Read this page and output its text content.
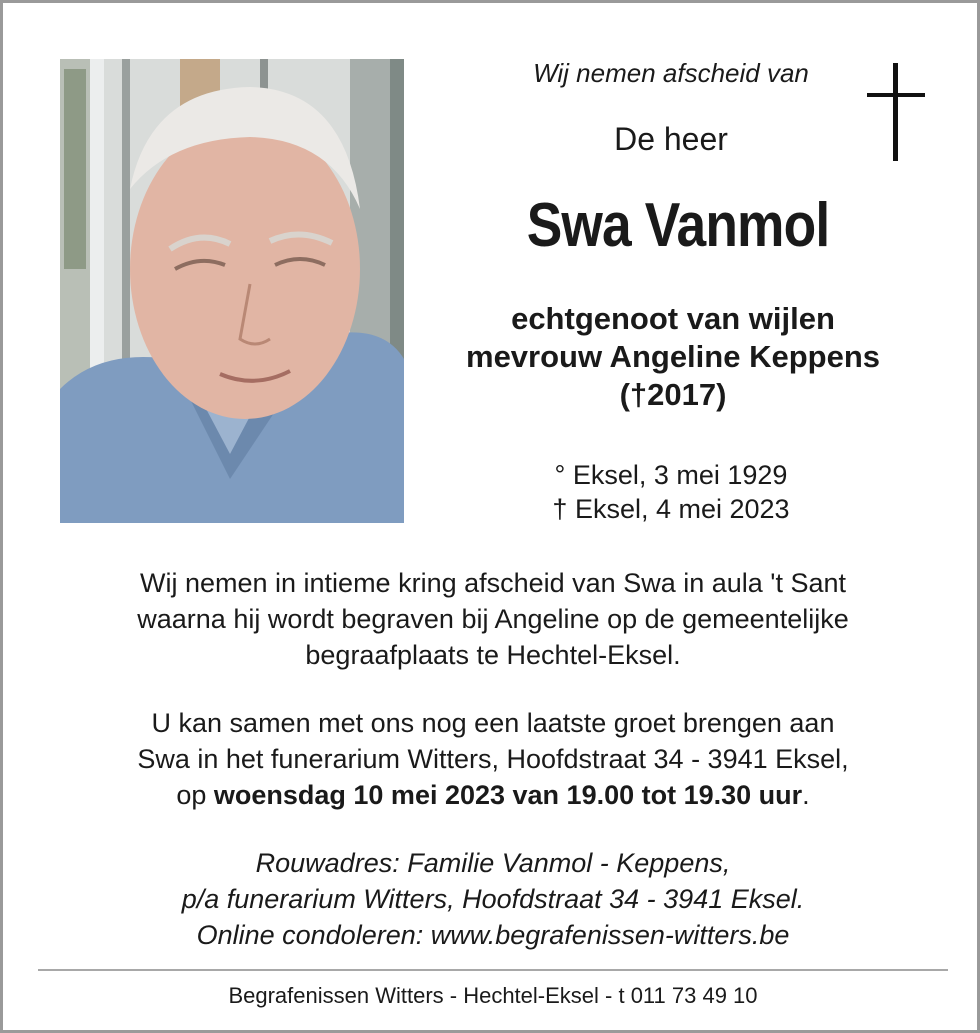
Wij nemen afscheid van
De heer
Swa Vanmol
echtgenoot van wijlen
mevrouw Angeline Keppens
(†2017)
° Eksel, 3 mei 1929
† Eksel, 4 mei 2023
Wij nemen in intieme kring afscheid van Swa in aula 't Sant
waarna hij wordt begraven bij Angeline op de gemeentelijke
begraafplaats te Hechtel-Eksel.
U kan samen met ons nog een laatste groet brengen aan
Swa in het funerarium Witters, Hoofdstraat 34 - 3941 Eksel,
op woensdag 10 mei 2023 van 19.00 tot 19.30 uur.
Rouwadres: Familie Vanmol - Keppens,
p/a funerarium Witters, Hoofdstraat 34 - 3941 Eksel.
Online condoleren: www.begrafenissen-witters.be
Begrafenissen Witters - Hechtel-Eksel - t 011 73 49 10
